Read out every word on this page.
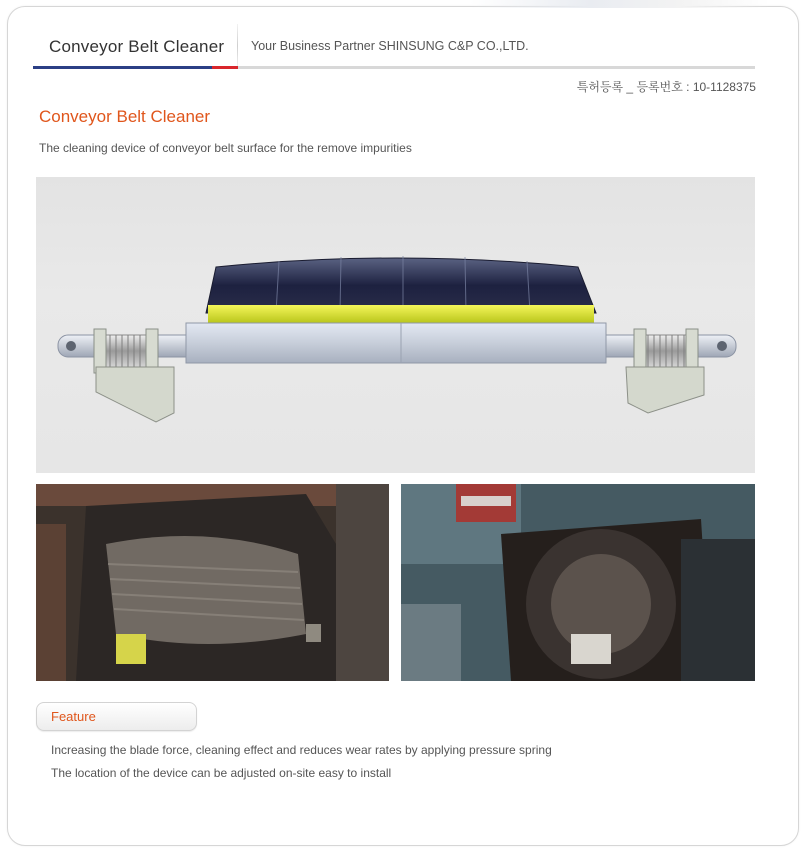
Conveyor Belt Cleaner Your Business Partner SHINSUNG C&P CO.,LTD.
특허등록 _ 등록번호 : 10-1128375
Conveyor Belt Cleaner
The cleaning device of conveyor belt surface for the remove impurities
Feature
Increasing the blade force, cleaning effect and reduces wear rates by applying pressure spring
The location of the device can be adjusted on-site easy to install
